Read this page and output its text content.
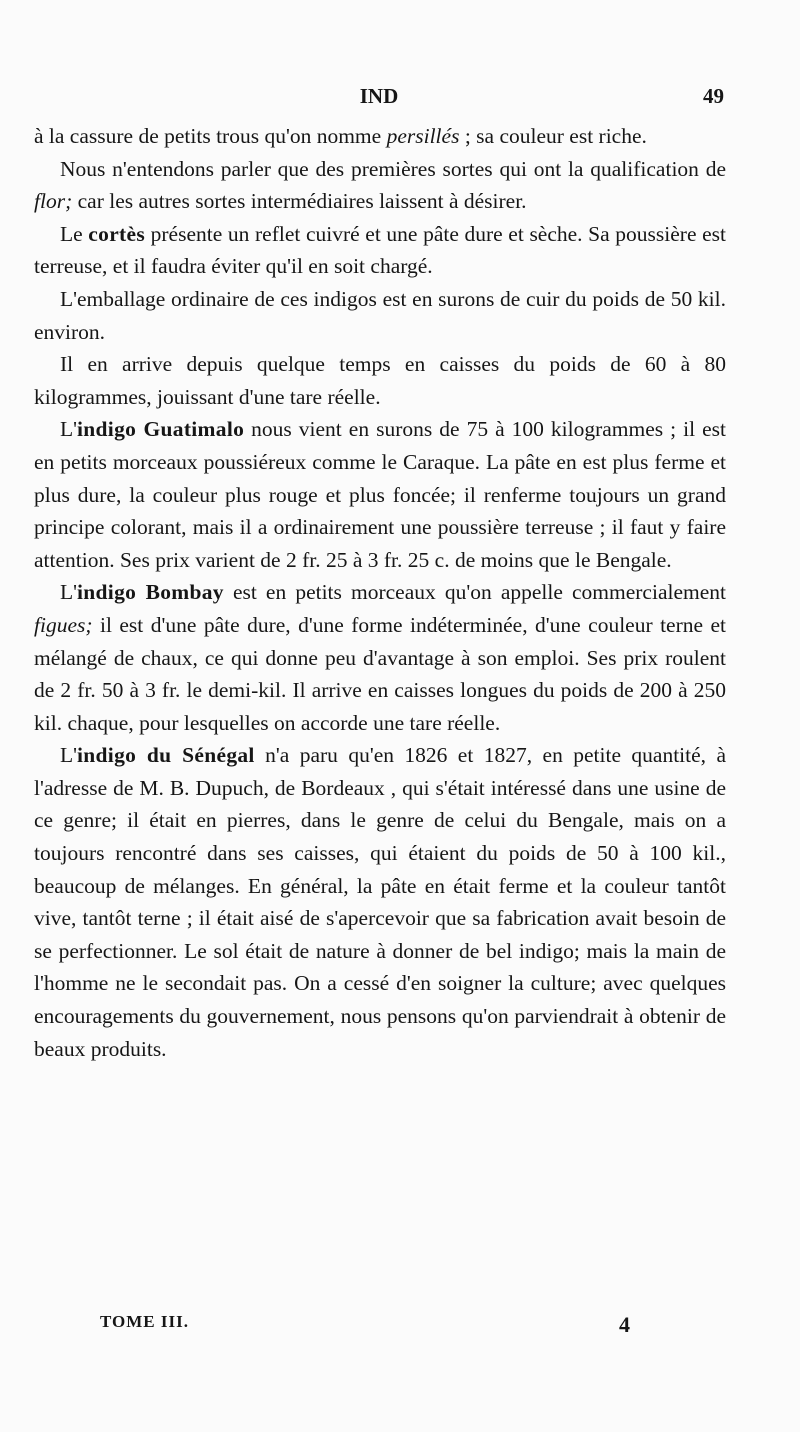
IND	49

à la cassure de petits trous qu'on nomme persillés ; sa couleur est riche.

Nous n'entendons parler que des premières sortes qui ont la qualification de flor; car les autres sortes intermédiaires laissent à désirer.

Le cortès présente un reflet cuivré et une pâte dure et sèche. Sa poussière est terreuse, et il faudra éviter qu'il en soit chargé.

L'emballage ordinaire de ces indigos est en surons de cuir du poids de 50 kil. environ.

Il en arrive depuis quelque temps en caisses du poids de 60 à 80 kilogrammes, jouissant d'une tare réelle.

L'indigo Guatimalo nous vient en surons de 75 à 100 kilogrammes ; il est en petits morceaux poussiéreux comme le Caraque. La pâte en est plus ferme et plus dure, la couleur plus rouge et plus foncée; il renferme toujours un grand principe colorant, mais il a ordinairement une poussière terreuse ; il faut y faire attention. Ses prix varient de 2 fr. 25 à 3 fr. 25 c. de moins que le Bengale.

L'indigo Bombay est en petits morceaux qu'on appelle commercialement figues; il est d'une pâte dure, d'une forme indéterminée, d'une couleur terne et mélangé de chaux, ce qui donne peu d'avantage à son emploi. Ses prix roulent de 2 fr. 50 à 3 fr. le demi-kil. Il arrive en caisses longues du poids de 200 à 250 kil. chaque, pour lesquelles on accorde une tare réelle.

L'indigo du Sénégal n'a paru qu'en 1826 et 1827, en petite quantité, à l'adresse de M. B. Dupuch, de Bordeaux , qui s'était intéressé dans une usine de ce genre; il était en pierres, dans le genre de celui du Bengale, mais on a toujours rencontré dans ses caisses, qui étaient du poids de 50 à 100 kil., beaucoup de mélanges. En général, la pâte en était ferme et la couleur tantôt vive, tantôt terne ; il était aisé de s'apercevoir que sa fabrication avait besoin de se perfectionner. Le sol était de nature à donner de bel indigo; mais la main de l'homme ne le secondait pas. On a cessé d'en soigner la culture; avec quelques encouragements du gouvernement, nous pensons qu'on parviendrait à obtenir de beaux produits.

TOME III.	4
